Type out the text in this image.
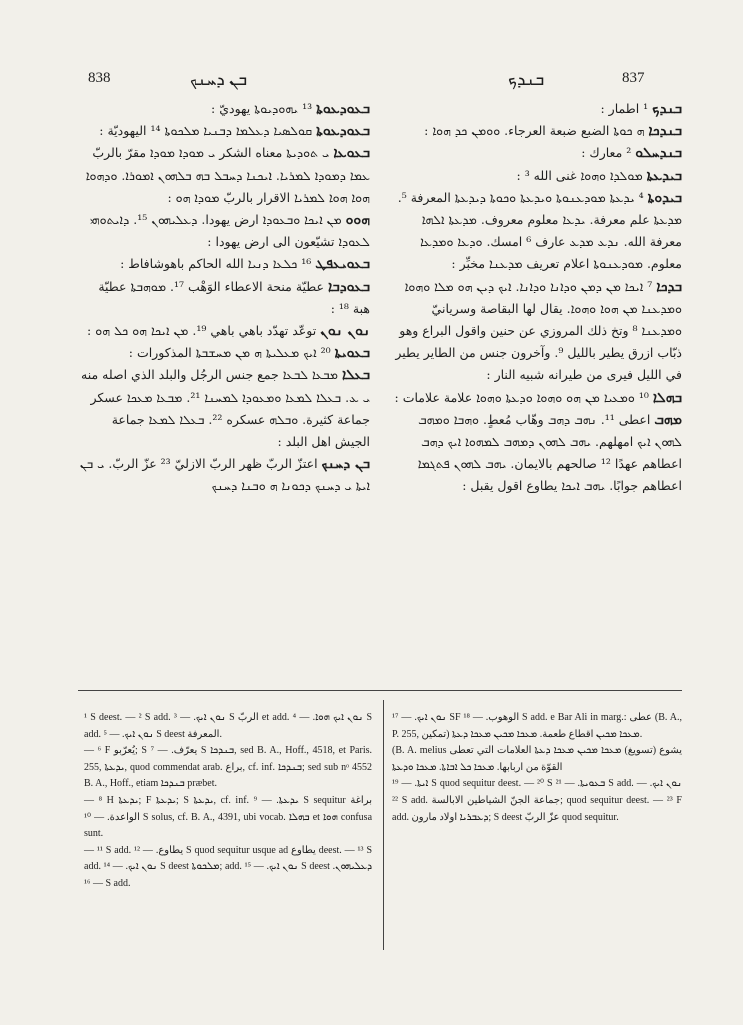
838	ܒܢ ܕܚܢܟ	ܒܢܕܟ	837

ܒܥܘܕܥܘܬܐ ¹³ ܝܗܘܕܝܘܬܐ يهوديّ :

ܒܥܘܕܥܘܬܐ ܩܘܠܣܝܐ ܕܥܠܡܐ ܕܒܢܝܐ ܡܠܟܘܬܐ ¹⁴ اليهوديّة :

ܒܥܘܥܐ ܝ ܬܘܕܝܬܐ معناه الشكر ܝ ܡܘܕܐ ܡܘܕܐ مقرّ بالربّ ܥܡܐ ܕܡܘܕܐ ܠܡܪܝܐ. ܐܝܟܢܐ ܕܚܒܠ ܒܗ ܒܠܗܘܢ ܐܡܘܪܐ. ܘܕܗܘܐ ܗܘܐ ܗܘܐ ܠܡܪܝܐ الاقرار بالربّ ܡܘܕܐ ܗܘ :

ܗܘܘ ܡܢ ܐܝܟܐ ܘܒܥܘܕܐ ارض يهودا. ܕܥܠܝܗܘܢ ¹⁵. ܕܐܝܬܘܗܝ ܠܥܘܕܐ تشيّعون الى ارض يهودا :

ܒܥܘܝܥܦܛ ¹⁶ ܟܠܥܐ ܕܢܝܐ الله الحاكم باهوشافاط :

ܒܥܘܕܒܐ عطيّة منحة الاعطاء الوَهْب ¹⁷. ܡܘܗܒܬܐ عطيّة هبة ¹⁸ :

ܢܘܢ ܢܘܢ توعّد تهدّد باهي باهي ¹⁹. ܡܢ ܐܝܟܐ ܗܘ ܟܠ ܗܘ :

ܒܥܘܝܬܐ ²⁰ ܐܝܟ ܡܥܠܝܬܐ ܗ ܡܢ ܡܚܫܒܬܐ المذكورات :

ܒܥܠܐ ܡܒܥܐ ܠܒܥܐ جمع جنس الرجُل والبلد الذي اصله منه ܝ ܥ. ܒܥܠܐ ܠܡܥܐ ܘܡܥܘܕܐ ܠܡܚܢܐ ²¹. ܡܒܥܐ ܡܥܟܐ عسكر جماعة كثيرة. ܘܒܠܗ عسكره ²². ܒܥܠܐ ܠܡܥܐ جماعة الجيش اهل البلد :

ܒܢ ܕܚܢܟ اعتزّ الربّ ظهر الربّ الازليّ ²³ عزّ الربّ. ܝ ܒܢ ܐܝܬܐ ܝ ܕܚܢܟ ܕܟܘܢܐ ܗ ܘܒܢܐ ܕܚܢܟ

ܒܢܕܟ ¹ اطمار :

ܒܢܕܟܐ ܗ ܟܘܬܐ الضبع ضبعة العرجاء. ܘܘܡܢ ܟܕ ܗܘܐ :

ܒܢܕܚܠܘ ² معارك :

ܒܝܕܥܬܐ ܡܘܠܕܐ ܘܗܘܐ غنى الله ³ :

ܒܝܕܘܬܐ ⁴ ܝܕܥܬܐ ܡܘܕܥܢܘܬܐ ܘܝܕܥܬܐ ܘܟܘܬܐ ܕܝܕܥܬܐ المعرفة ⁵. ܡܕܥܬܐ علم معرفة. ܝܕܥܐ معلوم معروف. ܡܕܥܬܐ ܐܠܗܐ معرفة الله. ܢܕܥ ܡܕܥ عارف ⁶ امسك. ܘܕܥܐ ܘܡܕܥܐ معلوم. ܡܘܕܥܢܘܬܐ اعلام تعريف ܡܕܥܢܐ مخبِّر :

ܒܕܟܐ ⁷ ܐܝܟܐ ܡܢ ܕܡܢ ܘܕܐܢܐ ܘܕܐܢܐ. ܐܝܟ ܕܝܢ ܗܘ ܡܠܐ ܘܗܘܐ ܘܡܕܥܢܐ ܡܢ ܗܘܐ ܘܗܘܐ. يقال لها البقاصة وسريانيّ ܘܡܕܥܢܐ ⁸ وتخ ذلك المروزي عن حنين واقول البراع وهو ذبّاب ازرق يطير بالليل ⁹. وآخرون جنس من الطاير يطير في الليل فيرى من طيرانه شبيه النار :

ܒܗܠܐ ¹⁰ ܘܡܥܝܐ ܡܢ ܗܘ ܘܗܘܐ ܘܕܥܬܐ ܘܗܘܐ علامة علامات :

ܡܗܒ اعطى ¹¹. ܢܗܒ ܕܗܒ وهّاب مُعطٍ. ܘܗܒܐ ܘܡܗܒ ܠܗܘܢ ܐܝܟ امهلهم. ܝܗܒ ܠܗܘܢ ܕܡܗܒ ܠܡܗܘܐ ܐܝܟ ܕܗܒ اعطاهم عهدًا ¹² صالحهم بالايمان. ܝܗܒ ܠܗܘܢ ܦܬܓܡܐ اعطاهم جوابًا. ܝܗܒ ܐܝܟܐ يطاوع اقول يقبل :

¹ S deest. — ² S add. ܢܘܢ ܐܝܟ. — ³ S الربّ et add. ܢܘܢ ܐܝܟ ܗܘܐ. — ⁴ S add. ܢܘܢ ܐܝܟ. — ⁵ S deest المعرفة.

— ⁶ F يُعرّبو; S يعرّف. — ⁷ S ܒܢܕܟܐ, sed B. A., Hoff., 4518, et Paris. 255, ܝܕܥܬܐ, quod commendat arab. براع, cf. inf. ܒܢܕܟܐ; sed sub nᵒ 4552 B. A., Hoff., etiam ܒܢܕܟܐ præbet.

— ⁸ H ܝܕܥܬܐ; F ܝܕܥܬܐ; S ܝܕܥܬܐ, cf. inf. ܝܕܥܬܐ. — ⁹ S sequitur براغة الواعدة. — ¹⁰ S solus, cf. B. A., 4391, ubi vocab. ܒܗܠܐ et ܗܘܐ confusa sunt.

— ¹¹ S add. يطاوع. — ¹² S quod sequitur usque ad يطاوع deest. — ¹³ S add. ܢܘܢ ܐܝܟ. — ¹⁴ S deest ܡܠܟܘܬܐ; add. ܢܘܢ ܐܝܟ. — ¹⁵ S deest ܕܥܠܝܗܘܢ. — ¹⁶ S add.

ܢܘܢ ܐܝܟ. — ¹⁷ SF الوهوب. — ¹⁸ S add. e Bar Ali in marg.: عطى (B. A., P. 255, تمكين) ܡܥܟܐ ܡܟܝܢ اقطاع طعمة. ܡܥܟܐ ܡܟܝܢ ܡܥܟܐ ܕܥܬܐ.

(B. A. melius يشوع (تسويغ) ܡܥܟܐ ܡܟܝܢ ܡܥܟܐ ܕܥܬܐ العلامات التي تعطى القوّة من اربابها. ܡܥܟܐ ܟܠ ܐܒܐܬܐ. ܡܥܟܐ ܘܕܥܬܐ

ܐܝܬܐ. — ¹⁹ S quod sequitur deest. — ²⁰ S ܒܥܘܝܬܐ. — ²¹ S add. ܢܘܢ ܐܝܟ. — ²² S add. جماعة الجنّ الشياطين الابالسة; quod sequitur deest. — ²³ F add. ܕܥܒܪܝܐ اولاد مارون; S deest عزّ الربّ quod sequitur.
